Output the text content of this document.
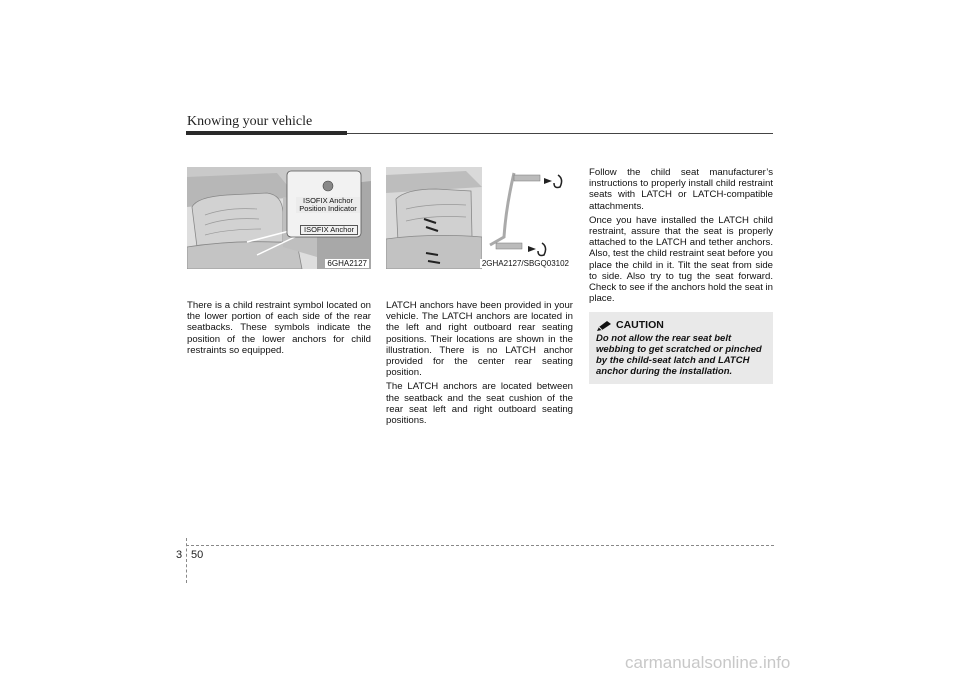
Knowing your vehicle
ISOFIX Anchor
Position Indicator
ISOFIX Anchor
6GHA2127	2GHA2127/SBGQ03102

There is a child restraint symbol located on the lower portion of each side of the rear seatbacks. These symbols indicate the position of the lower anchors for child restraints so equipped.

LATCH anchors have been provided in your vehicle. The LATCH anchors are located in the left and right outboard rear seating positions. Their locations are shown in the illustration. There is no LATCH anchor provided for the center rear seating position.

The LATCH anchors are located between the seatback and the seat cushion of the rear seat left and right outboard seating positions.

Follow the child seat manufacturer’s instructions to properly install child restraint seats with LATCH or LATCH-compatible attachments.

Once you have installed the LATCH child restraint, assure that the seat is properly attached to the LATCH and tether anchors. Also, test the child restraint seat before you place the child in it. Tilt the seat from side to side. Also try to tug the seat forward. Check to see if the anchors hold the seat in place.

CAUTION
Do not allow the rear seat belt webbing to get scratched or pinched by the child-seat latch and LATCH anchor during the installation.
3 50
carmanualsonline.info
